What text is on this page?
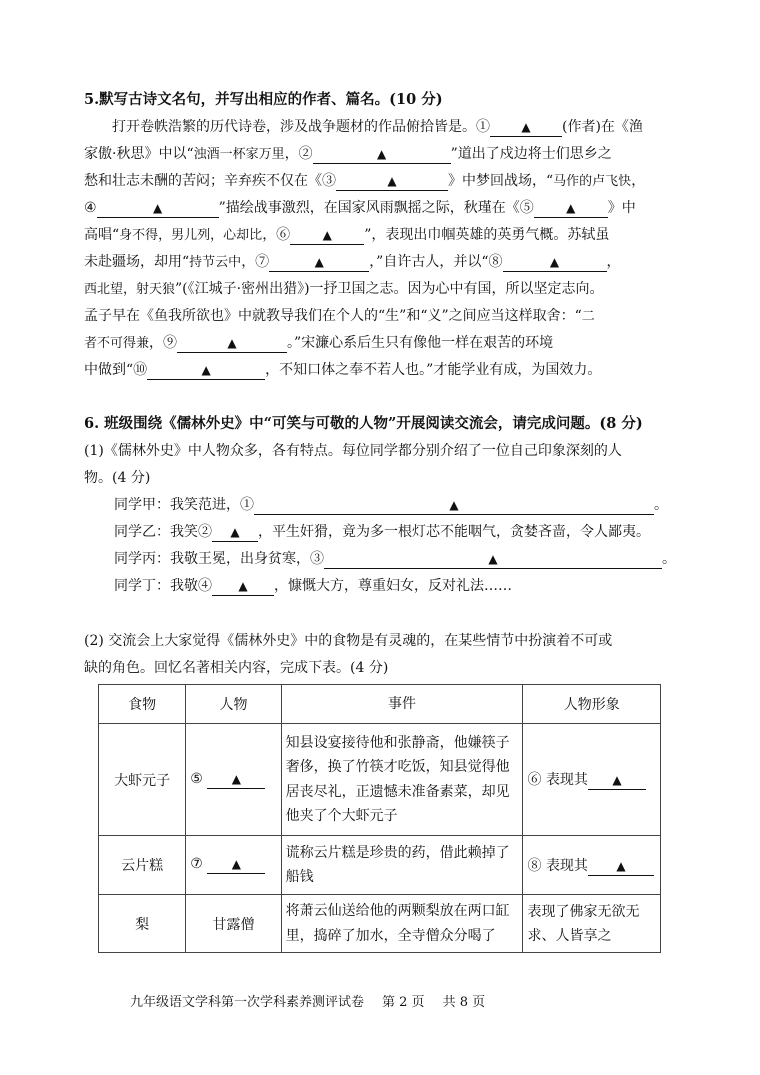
5.默写古诗文名句，并写出相应的作者、篇名。(10 分)
打开卷帙浩繁的历代诗卷，涉及战争题材的作品俯拾皆是。①	▲ (作者)在《渔
家傲·秋思》中以“浊酒一杯家万里，②	▲	”道出了戍边将士们思乡之
愁和壮志未酬的苦闷；辛弃疾不仅在《③	▲	》中梦回战场，“马作的卢飞快，
④	▲	”描绘战事激烈，在国家风雨飘摇之际，秋瑾在《⑤	▲ 》中
高唱“身不得，男儿列，心却比，⑥	▲ ”，表现出巾帼英雄的英勇气概。苏轼虽
未赴疆场，却用“持节云中，⑦	▲	，”自许古人，并以“⑧	▲	，
西北望，射天狼”(《江城子·密州出猎》)一抒卫国之志。因为心中有国，所以坚定志向。
孟子早在《鱼我所欲也》中就教导我们在个人的“生”和“义”之间应当这样取舍：“二
者不可得兼，⑨	▲	。”宋濂心系后生只有像他一样在艰苦的环境
中做到“⑩	▲	，不知口体之奉不若人也。”才能学业有成，为国效力。
6. 班级围绕《儒林外史》中“可笑与可敬的人物”开展阅读交流会，请完成问题。(8 分)
(1)《儒林外史》中人物众多，各有特点。每位同学都分别介绍了一位自己印象深刻的人
物。(4 分)
同学甲：我笑范进，①	▲	。
同学乙：我笑② ▲ ，平生奸猾，竟为多一根灯芯不能咽气，贪婪吝啬，令人鄙夷。
同学丙：我敬王冕，出身贫寒，③	▲	。
同学丁：我敬④ ▲ ，慷慨大方，尊重妇女，反对礼法……
(2) 交流会上大家觉得《儒林外史》中的食物是有灵魂的，在某些情节中扮演着不可或
缺的角色。回忆名著相关内容，完成下表。(4 分)
食物	人物	事件	人物形象
大虾元子	⑤ ▲	知县设宴接待他和张静斋，他嫌筷子奢侈，换了竹筷才吃饭，知县觉得他居丧尽礼，正遗憾未准备素菜，却见他夹了个大虾元子	⑥ 表现其 ▲
云片糕	⑦ ▲	谎称云片糕是珍贵的药，借此赖掉了船钱	⑧ 表现其 ▲
梨	甘露僧	将萧云仙送给他的两颗梨放在两口缸里，捣碎了加水，全寺僧众分喝了	表现了佛家无欲无求、人皆享之
九年级语文学科第一次学科素养测评试卷 第 2 页 共 8 页
